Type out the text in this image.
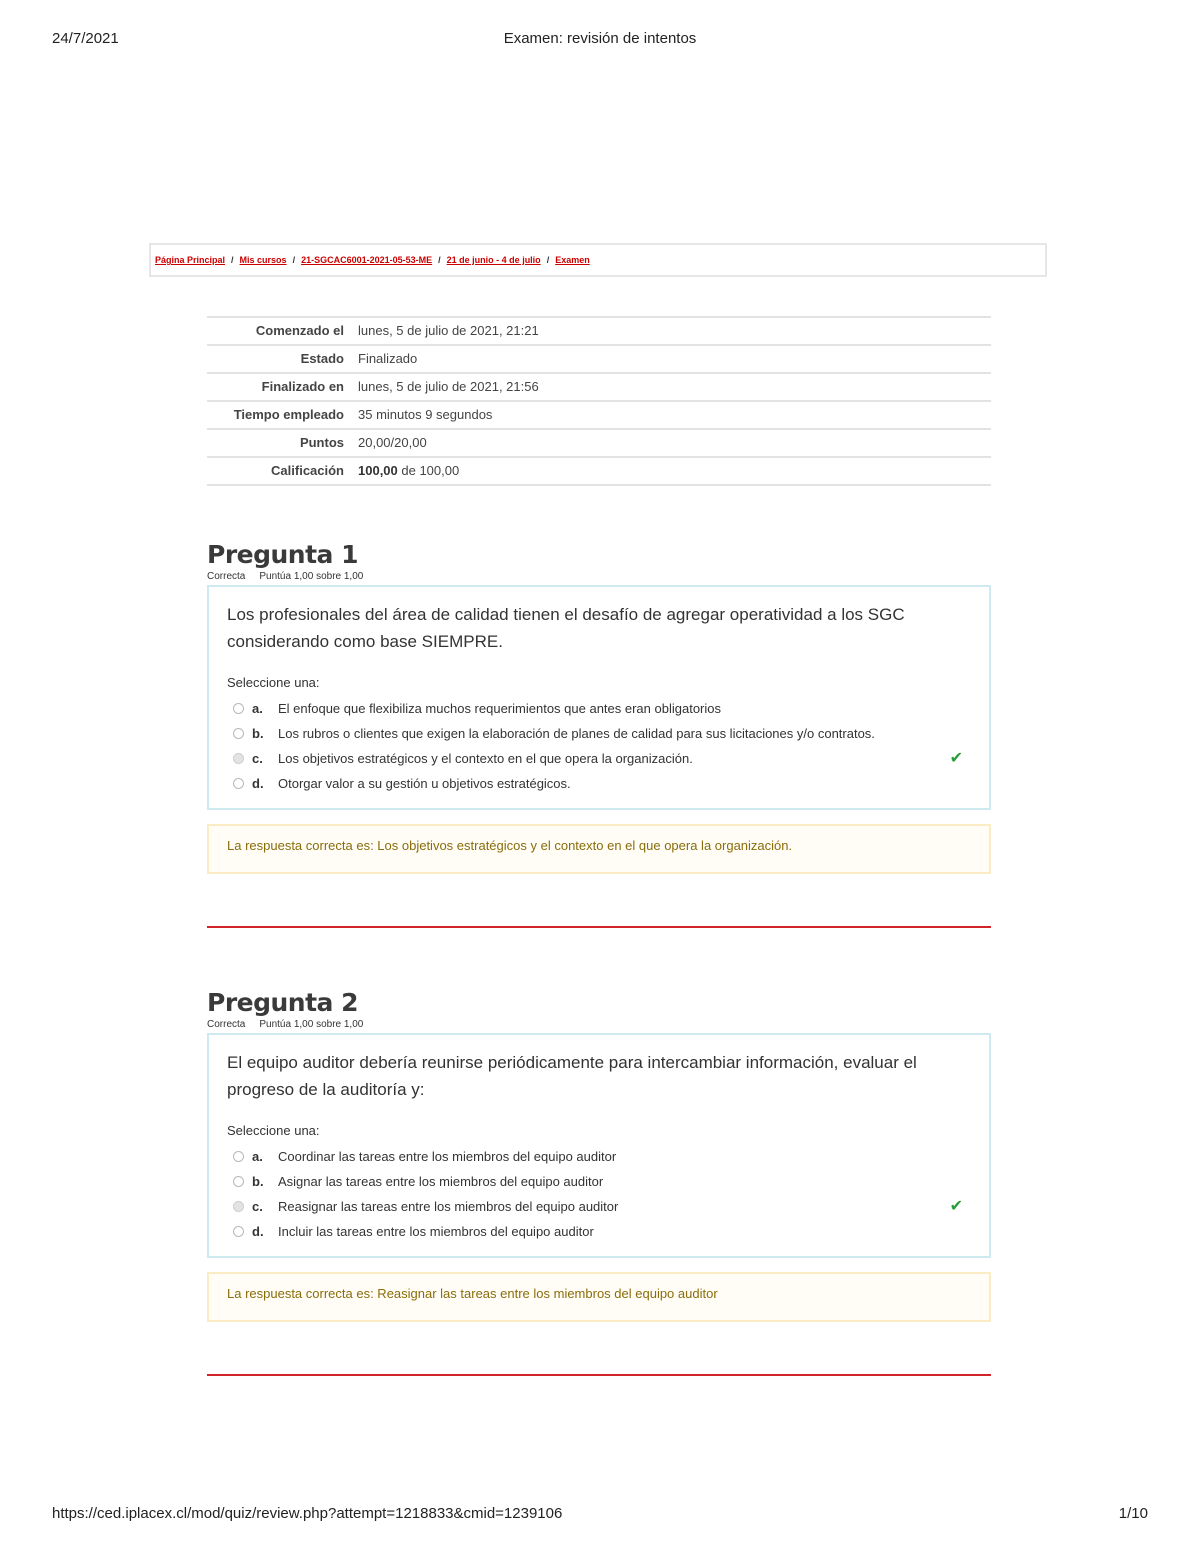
24/7/2021	Examen: revisión de intentos
Página Principal / Mis cursos / 21-SGCAC6001-2021-05-53-ME / 21 de junio - 4 de julio / Examen
Comenzado el	lunes, 5 de julio de 2021, 21:21
Estado	Finalizado
Finalizado en	lunes, 5 de julio de 2021, 21:56
Tiempo empleado	35 minutos 9 segundos
Puntos	20,00/20,00
Calificación	100,00 de 100,00
Pregunta 1
Correcta Puntúa 1,00 sobre 1,00

Los profesionales del área de calidad tienen el desafío de agregar operatividad a los SGC considerando como base SIEMPRE.

Seleccione una:
a.	El enfoque que flexibiliza muchos requerimientos que antes eran obligatorios
b.	Los rubros o clientes que exigen la elaboración de planes de calidad para sus licitaciones y/o contratos.
c.	Los objetivos estratégicos y el contexto en el que opera la organización.	✔
d.	Otorgar valor a su gestión u objetivos estratégicos.
La respuesta correcta es: Los objetivos estratégicos y el contexto en el que opera la organización.
Pregunta 2
Correcta Puntúa 1,00 sobre 1,00

El equipo auditor debería reunirse periódicamente para intercambiar información, evaluar el progreso de la auditoría y:

Seleccione una:
a.	Coordinar las tareas entre los miembros del equipo auditor
b.	Asignar las tareas entre los miembros del equipo auditor
c.	Reasignar las tareas entre los miembros del equipo auditor	✔
d.	Incluir las tareas entre los miembros del equipo auditor
La respuesta correcta es: Reasignar las tareas entre los miembros del equipo auditor
https://ced.iplacex.cl/mod/quiz/review.php?attempt=1218833&cmid=1239106	1/10
